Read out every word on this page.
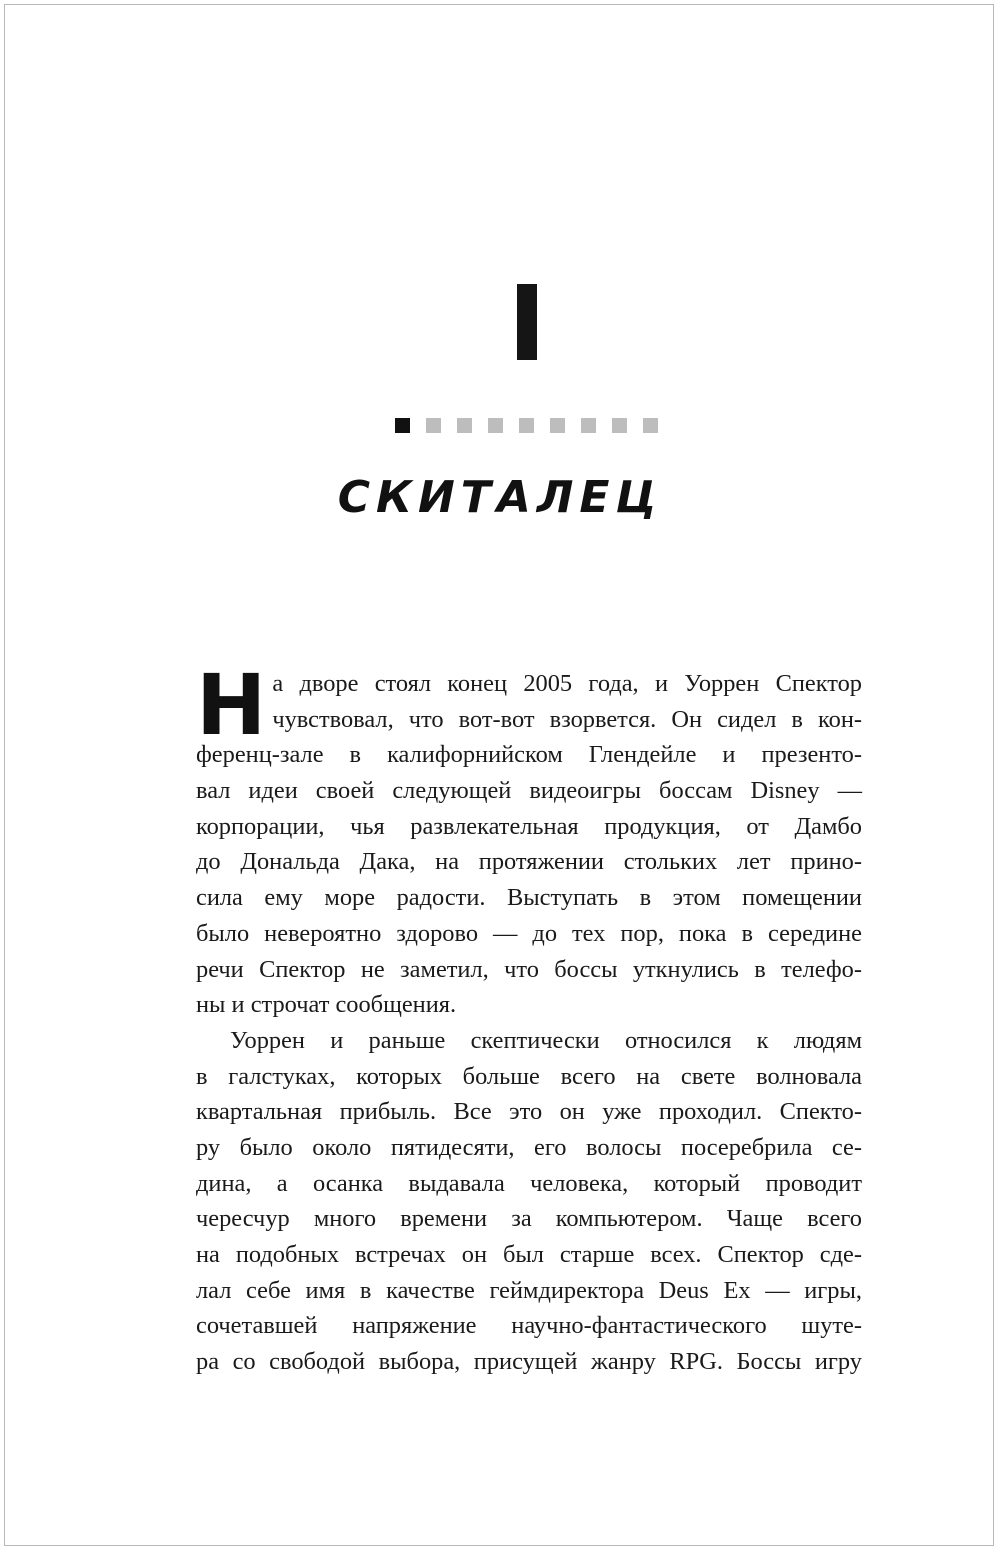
СКИТАЛЕЦ
Н а дворе стоял конец 2005 года, и Уоррен Спектор
чувствовал, что вот-вот взорвется. Он сидел в кон-
ференц-зале в калифорнийском Глендейле и презенто-
вал идеи своей следующей видеоигры боссам Disney —
корпорации, чья развлекательная продукция, от Дамбо
до Дональда Дака, на протяжении стольких лет прино-
сила ему море радости. Выступать в этом помещении
было невероятно здорово — до тех пор, пока в середине
речи Спектор не заметил, что боссы уткнулись в телефо-
ны и строчат сообщения.
Уоррен и раньше скептически относился к людям
в галстуках, которых больше всего на свете волновала
квартальная прибыль. Все это он уже проходил. Спекто-
ру было около пятидесяти, его волосы посеребрила се-
дина, а осанка выдавала человека, который проводит
чересчур много времени за компьютером. Чаще всего
на подобных встречах он был старше всех. Спектор сде-
лал себе имя в качестве геймдиректора Deus Ex — игры,
сочетавшей напряжение научно-фантастического шуте-
ра со свободой выбора, присущей жанру RPG. Боссы игру
